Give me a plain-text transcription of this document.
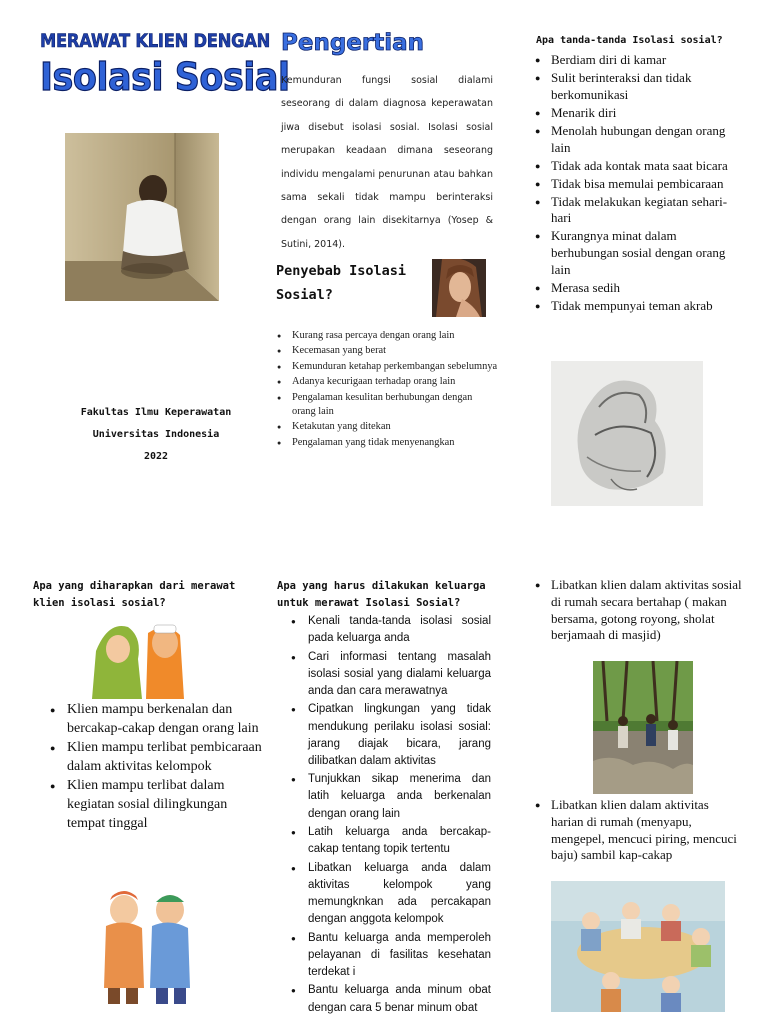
MERAWAT KLIEN DENGAN
Isolasi Sosial
Fakultas Ilmu Keperawatan
Universitas Indonesia
2022
Pengertian

Kemunduran fungsi sosial dialami seseorang di dalam diagnosa keperawatan jiwa disebut isolasi sosial. Isolasi sosial merupakan keadaan dimana seseorang individu mengalami penurunan atau bahkan sama sekali tidak mampu berinteraksi dengan orang lain disekitarnya (Yosep & Sutini, 2014).

Penyebab Isolasi
Sosial?
● Kurang rasa percaya dengan orang lain
● Kecemasan yang berat
● Kemunduran ketahap perkembangan sebelumnya
● Adanya kecurigaan terhadap orang lain
● Pengalaman kesulitan berhubungan dengan orang lain
● Ketakutan yang ditekan
● Pengalaman yang tidak menyenangkan
Apa tanda-tanda Isolasi sosial?
● Berdiam diri di kamar
● Sulit berinteraksi dan tidak berkomunikasi
● Menarik diri
● Menolah hubungan dengan orang lain
● Tidak ada kontak mata saat bicara
● Tidak bisa memulai pembicaraan
● Tidak melakukan kegiatan sehari-hari
● Kurangnya minat dalam berhubungan sosial dengan orang lain
● Merasa sedih
● Tidak mempunyai teman akrab
Apa yang diharapkan dari merawat klien isolasi sosial?
● Klien mampu berkenalan dan bercakap-cakap dengan orang lain
● Klien mampu terlibat pembicaraan dalam aktivitas kelompok
● Klien mampu terlibat dalam kegiatan sosial dilingkungan tempat tinggal
Apa yang harus dilakukan keluarga untuk merawat Isolasi Sosial?
● Kenali tanda-tanda isolasi sosial pada keluarga anda
● Cari informasi tentang masalah isolasi sosial yang dialami keluarga anda dan cara merawatnya
● Cipatkan lingkungan yang tidak mendukung perilaku isolasi sosial: jarang diajak bicara, jarang dilibatkan dalam aktivitas
● Tunjukkan sikap menerima dan latih keluarga anda berkenalan dengan orang lain
● Latih keluarga anda bercakap-cakap tentang topik tertentu
● Libatkan keluarga anda dalam aktivitas kelompok yang memungknkan ada percakapan dengan anggota kelompok
● Bantu keluarga anda memperoleh pelayanan di fasilitas kesehatan terdekat i
● Bantu keluarga anda minum obat dengan cara 5 benar minum obat
● Libatkan klien dalam aktivitas sosial di rumah secara bertahap ( makan bersama, gotong royong, sholat berjamaah di masjid)
● Libatkan klien dalam aktivitas harian di rumah (menyapu, mengepel, mencuci piring, mencuci baju) sambil kap-cakap
